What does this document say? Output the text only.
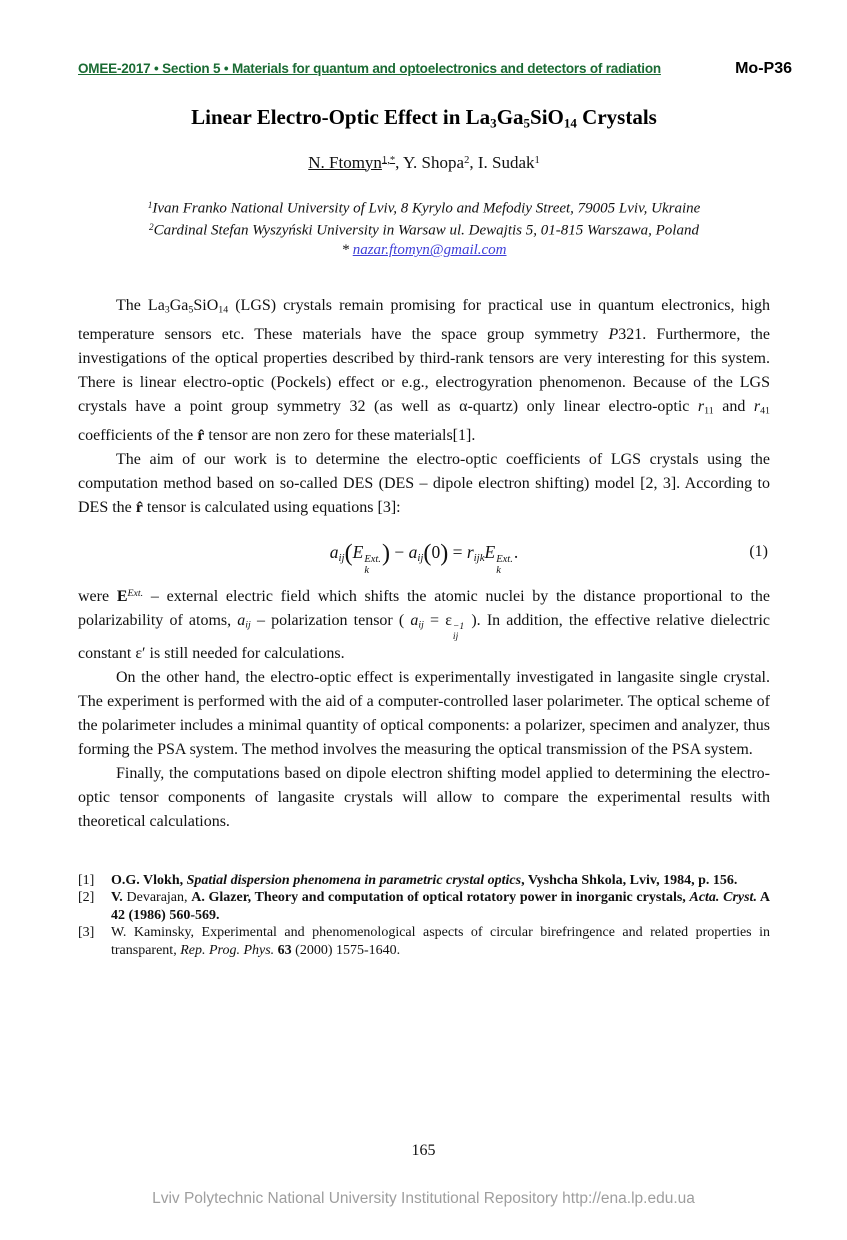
OMEE-2017 • Section 5 • Materials for quantum and optoelectronics and detectors of radiation	Mo-P36
Linear Electro-Optic Effect in La3Ga5SiO14 Crystals
N. Ftomyn$^{1,*}$, Y. Shopa$^2$, I. Sudak$^1$
$^1$Ivan Franko National University of Lviv, 8 Kyrylo and Mefodiy Street, 79005 Lviv, Ukraine
$^2$Cardinal Stefan Wyszyński University in Warsaw ul. Dewajtis 5, 01-815 Warszawa, Poland
* nazar.ftomyn@gmail.com

The La3Ga5SiO14 (LGS) crystals remain promising for practical use in quantum electronics, high temperature sensors etc. These materials have the space group symmetry P321. Furthermore, the investigations of the optical properties described by third-rank tensors are very interesting for this system. There is linear electro-optic (Pockels) effect or e.g., electrogyration phenomenon. Because of the LGS crystals have a point group symmetry 32 (as well as α-quartz) only linear electro-optic r11 and r41 coefficients of the r̂ tensor are non zero for these materials[1].

The aim of our work is to determine the electro-optic coefficients of LGS crystals using the computation method based on so-called DES (DES – dipole electron shifting) model [2, 3]. According to DES the r̂ tensor is calculated using equations [3]:

aij(E Ext.
k
) − aij(0) = rijkE Ext.
k
.	(1)

were $E^{Ext.}$ – external electric field which shifts the atomic nuclei by the distance proportional to the polarizability of atoms, aij – polarization tensor ( aij = ε −1
ij
). In addition, the effective relative dielectric constant ε′ is still needed for calculations.

On the other hand, the electro-optic effect is experimentally investigated in langasite single crystal. The experiment is performed with the aid of a computer-controlled laser polarimeter. The optical scheme of the polarimeter includes a minimal quantity of optical components: a polarizer, specimen and analyzer, thus forming the PSA system. The method involves the measuring the optical transmission of the PSA system.

Finally, the computations based on dipole electron shifting model applied to determining the electro-optic tensor components of langasite crystals will allow to compare the experimental results with theoretical calculations.

[1]	O.G. Vlokh, Spatial dispersion phenomena in parametric crystal optics, Vyshcha Shkola, Lviv, 1984, p. 156.
[2]	V. Devarajan, A. Glazer, Theory and computation of optical rotatory power in inorganic crystals, Acta. Cryst. A 42 (1986) 560-569.
[3]	W. Kaminsky, Experimental and phenomenological aspects of circular birefringence and related properties in transparent, Rep. Prog. Phys. 63 (2000) 1575-1640.
165
Lviv Polytechnic National University Institutional Repository http://ena.lp.edu.ua
